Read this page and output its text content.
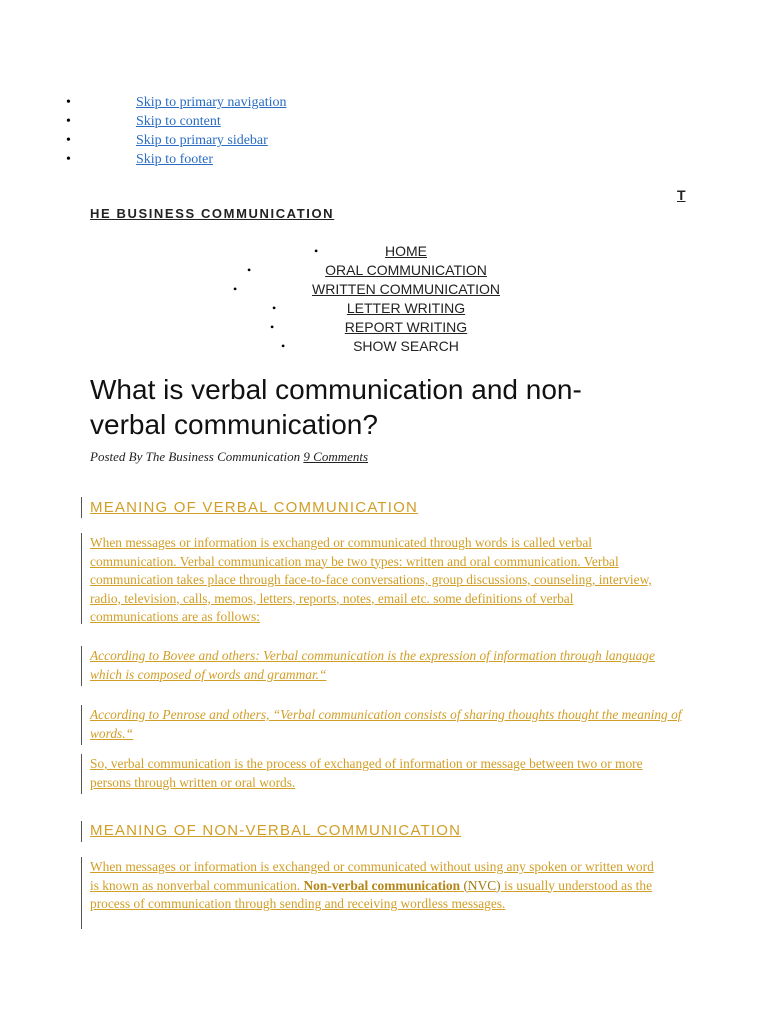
•	Skip to primary navigation
•	Skip to content
•	Skip to primary sidebar
•	Skip to footer
T
HE BUSINESS COMMUNICATION
•	HOME
•	ORAL COMMUNICATION
•	WRITTEN COMMUNICATION
•	LETTER WRITING
•	REPORT WRITING
•	SHOW SEARCH
What is verbal communication and non-verbal communication?
Posted By The Business Communication 9 Comments
MEANING OF VERBAL COMMUNICATION

When messages or information is exchanged or communicated through words is called verbal communication. Verbal communication may be two types: written and oral communication. Verbal communication takes place through face-to-face conversations, group discussions, counseling, interview, radio, television, calls, memos, letters, reports, notes, email etc. some definitions of verbal communications are as follows:

According to Bovee and others: Verbal communication is the expression of information through language which is composed of words and grammar.“

According to Penrose and others, “Verbal communication consists of sharing thoughts thought the meaning of words.“

So, verbal communication is the process of exchanged of information or message between two or more persons through written or oral words.

MEANING OF NON-VERBAL COMMUNICATION

When messages or information is exchanged or communicated without using any spoken or written word is known as nonverbal communication. Non-verbal communication (NVC) is usually understood as the process of communication through sending and receiving wordless messages.
